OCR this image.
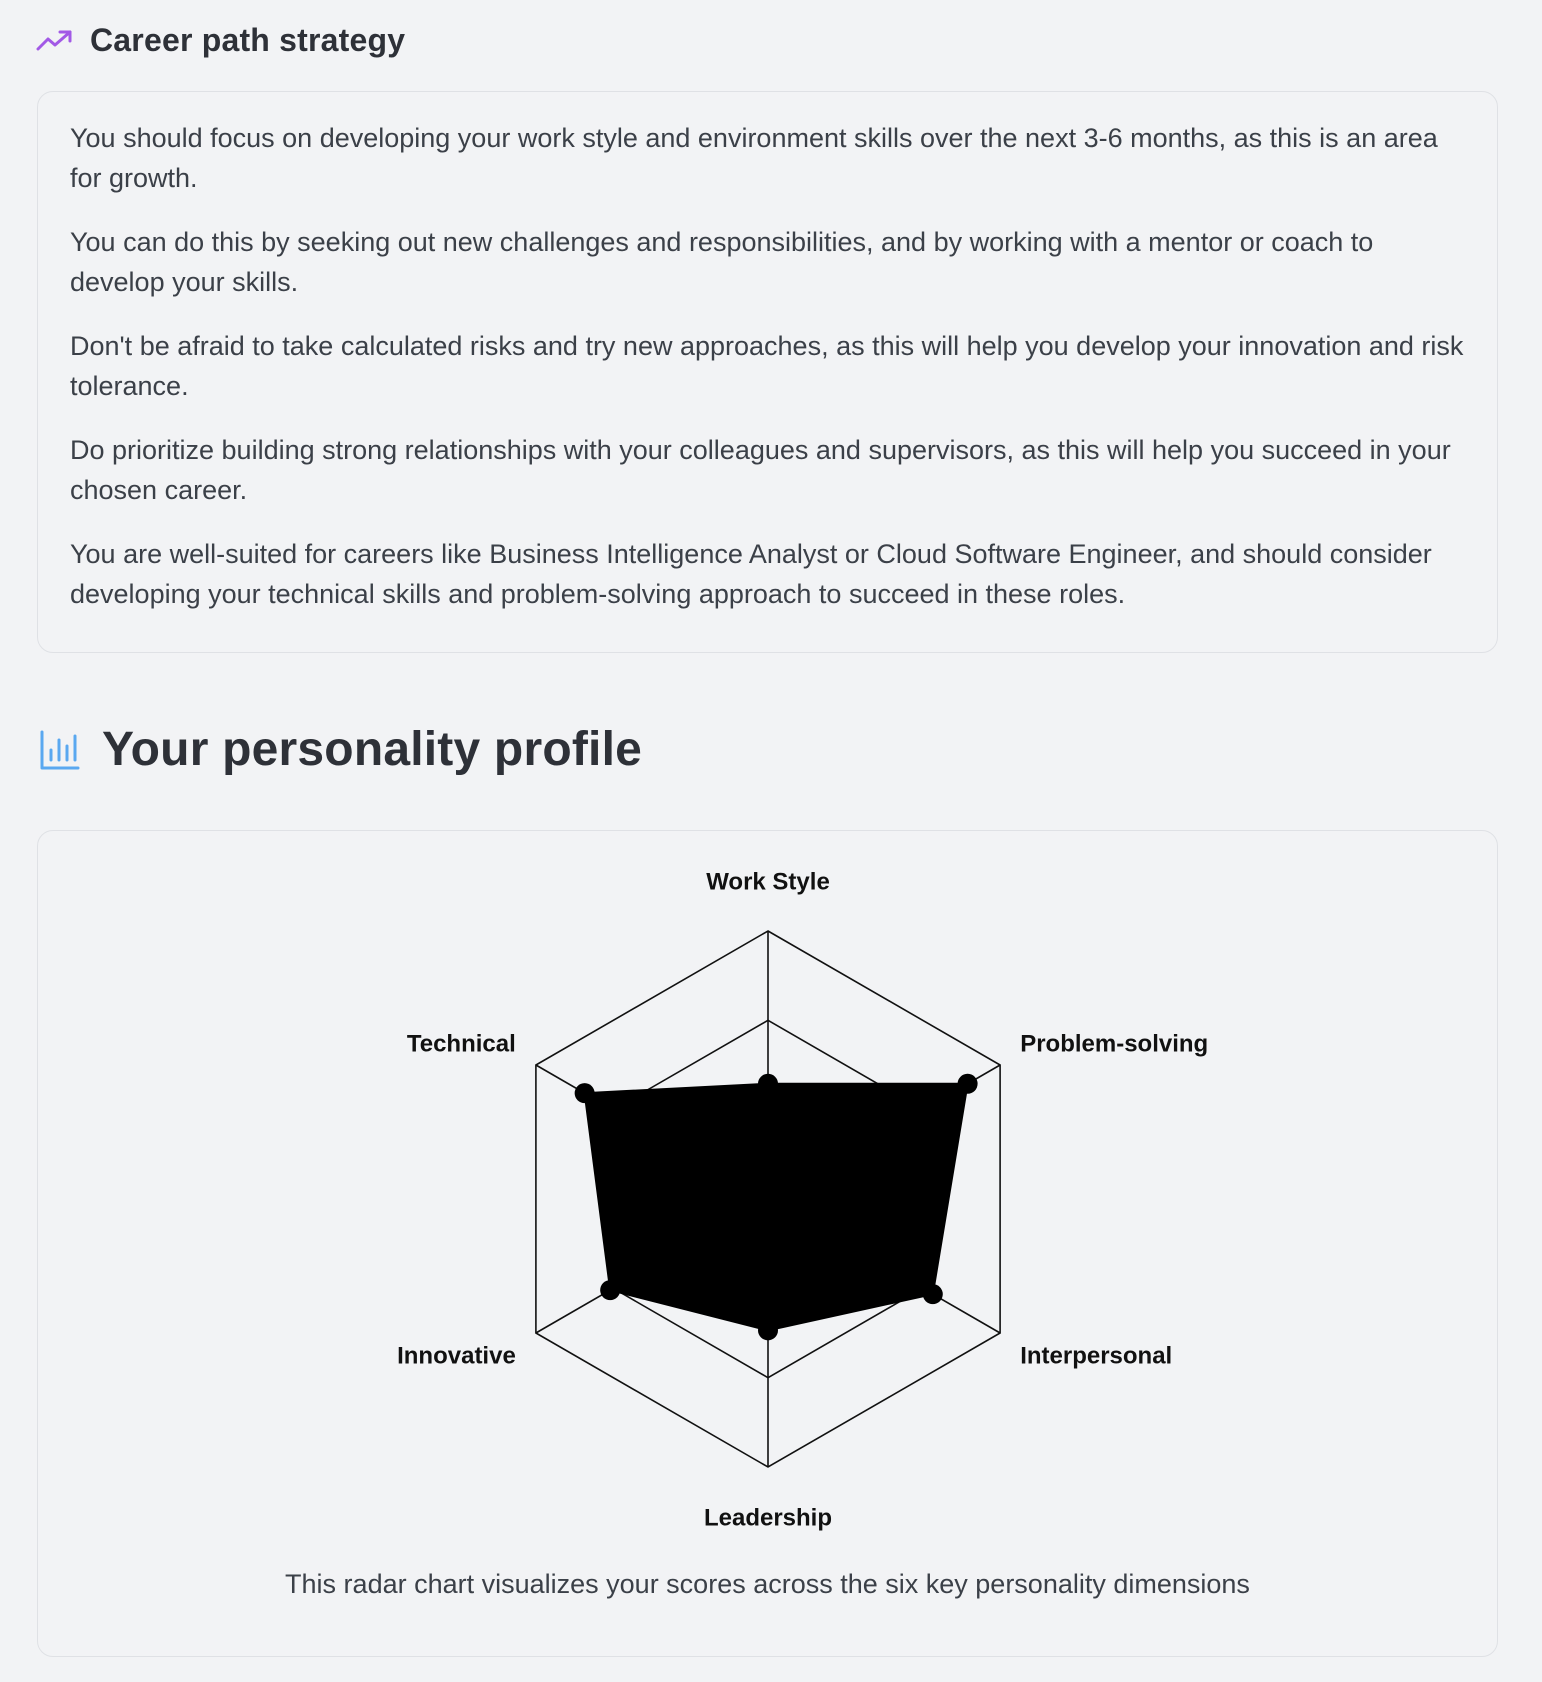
Career path strategy

You should focus on developing your work style and environment skills over the next 3-6 months, as this is an area for growth.

You can do this by seeking out new challenges and responsibilities, and by working with a mentor or coach to develop your skills.

Don't be afraid to take calculated risks and try new approaches, as this will help you develop your innovation and risk tolerance.

Do prioritize building strong relationships with your colleagues and supervisors, as this will help you succeed in your chosen career.

You are well-suited for careers like Business Intelligence Analyst or Cloud Software Engineer, and should consider developing your technical skills and problem-solving approach to succeed in these roles.

Your personality profile
Work Style
Problem-solving
Interpersonal
Leadership
Innovative
Technical

This radar chart visualizes your scores across the six key personality dimensions
